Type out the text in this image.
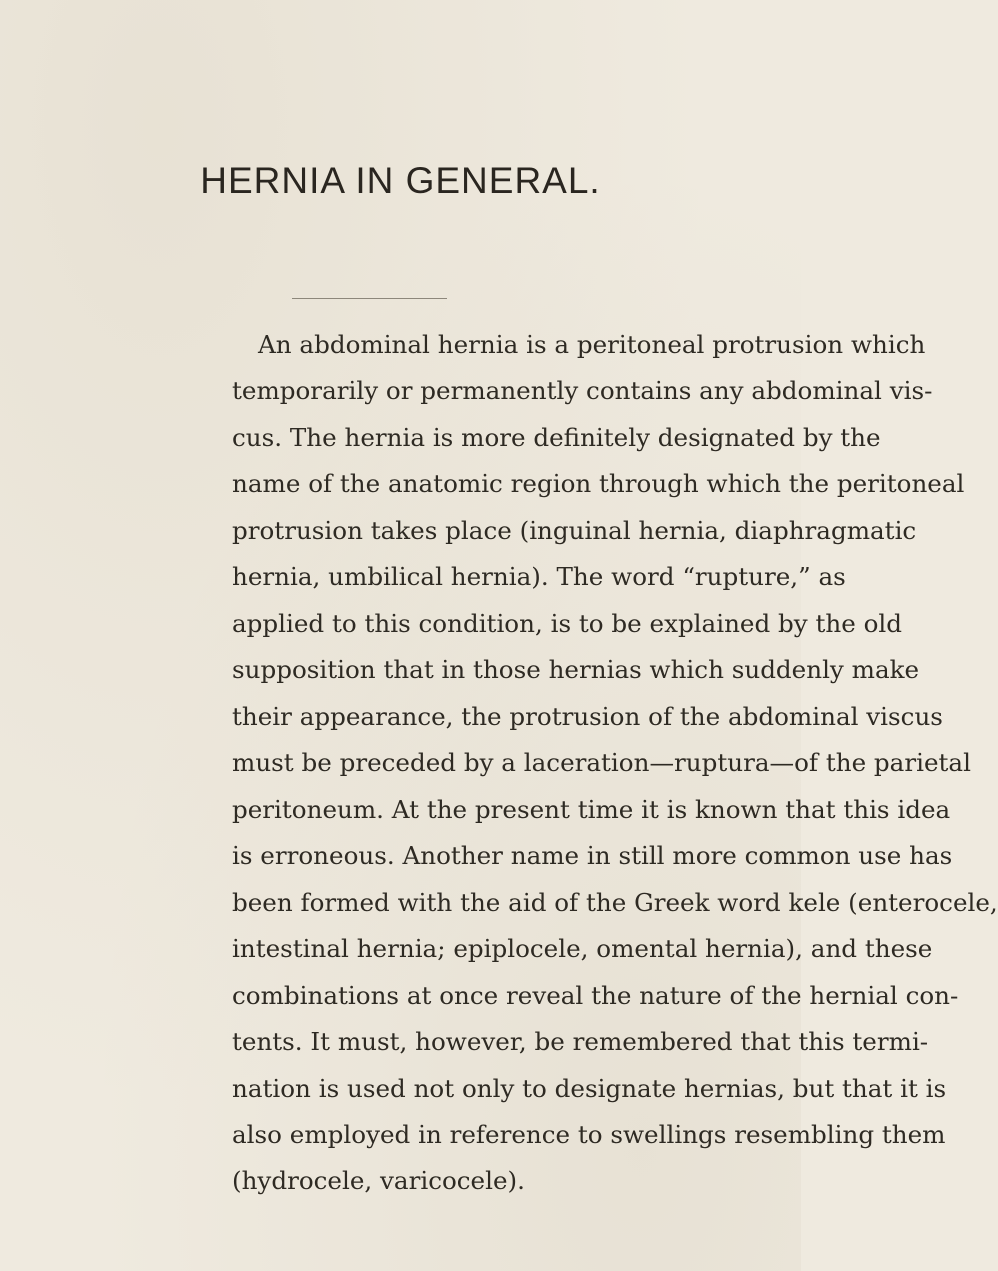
HERNIA IN GENERAL.
An abdominal hernia is a peritoneal protrusion which
temporarily or permanently contains any abdominal vis-
cus. The hernia is more definitely designated by the
name of the anatomic region through which the peritoneal
protrusion takes place (inguinal hernia, diaphragmatic
hernia, umbilical hernia). The word “rupture,” as
applied to this condition, is to be explained by the old
supposition that in those hernias which suddenly make
their appearance, the protrusion of the abdominal viscus
must be preceded by a laceration—ruptura—of the parietal
peritoneum. At the present time it is known that this idea
is erroneous. Another name in still more common use has
been formed with the aid of the Greek word kele (enterocele,
intestinal hernia; epiplocele, omental hernia), and these
combinations at once reveal the nature of the hernial con-
tents. It must, however, be remembered that this termi-
nation is used not only to designate hernias, but that it is
also employed in reference to swellings resembling them
(hydrocele, varicocele).
